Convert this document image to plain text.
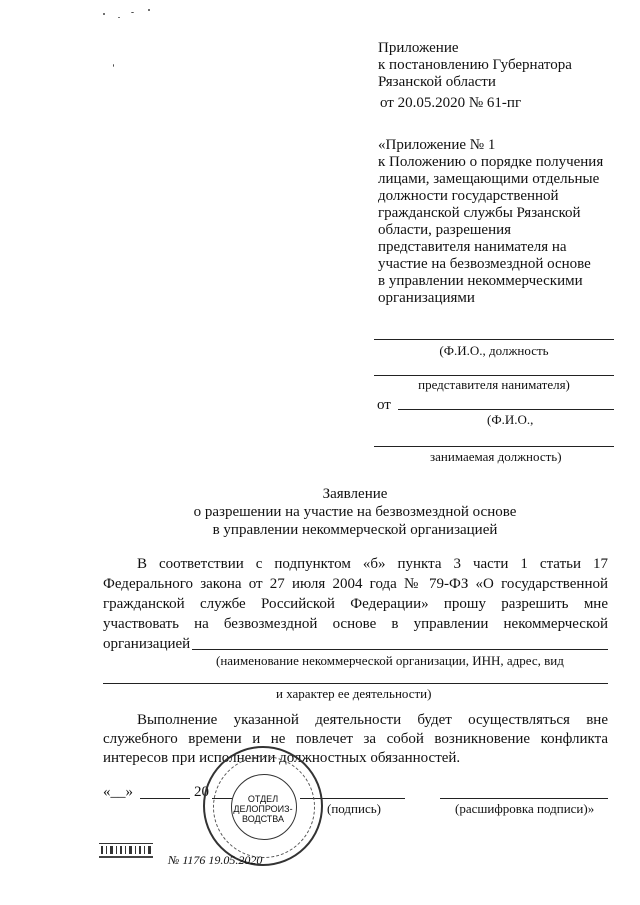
Приложение
к постановлению Губернатора
Рязанской области
от 20.05.2020 № 61-пг
«Приложение № 1
к Положению о порядке получения
лицами, замещающими отдельные
должности государственной
гражданской службы Рязанской
области, разрешения
представителя нанимателя на
участие на безвозмездной основе
в управлении некоммерческими
организациями
(Ф.И.О., должность
представителя нанимателя)
от
(Ф.И.О.,
занимаемая должность)
Заявление
о разрешении на участие на безвозмездной основе
в управлении некоммерческой организацией
В соответствии с подпунктом «б» пункта 3 части 1 статьи 17
Федерального закона от 27 июля 2004 года № 79-ФЗ «О государственной
гражданской службе Российской Федерации» прошу разрешить мне
участвовать на безвозмездной основе в управлении некоммерческой
организацией
(наименование некоммерческой организации, ИНН, адрес, вид
и характер ее деятельности)
Выполнение указанной деятельности будет осуществляться вне
служебного времени и не повлечет за собой возникновение конфликта
интересов при исполнении должностных обязанностей.
«__»	20
(подпись)	(расшифровка подписи)»
ОТДЕЛ
ДЕЛОПРОИЗ-
ВОДСТВА
№ 1176 19.05.2020
